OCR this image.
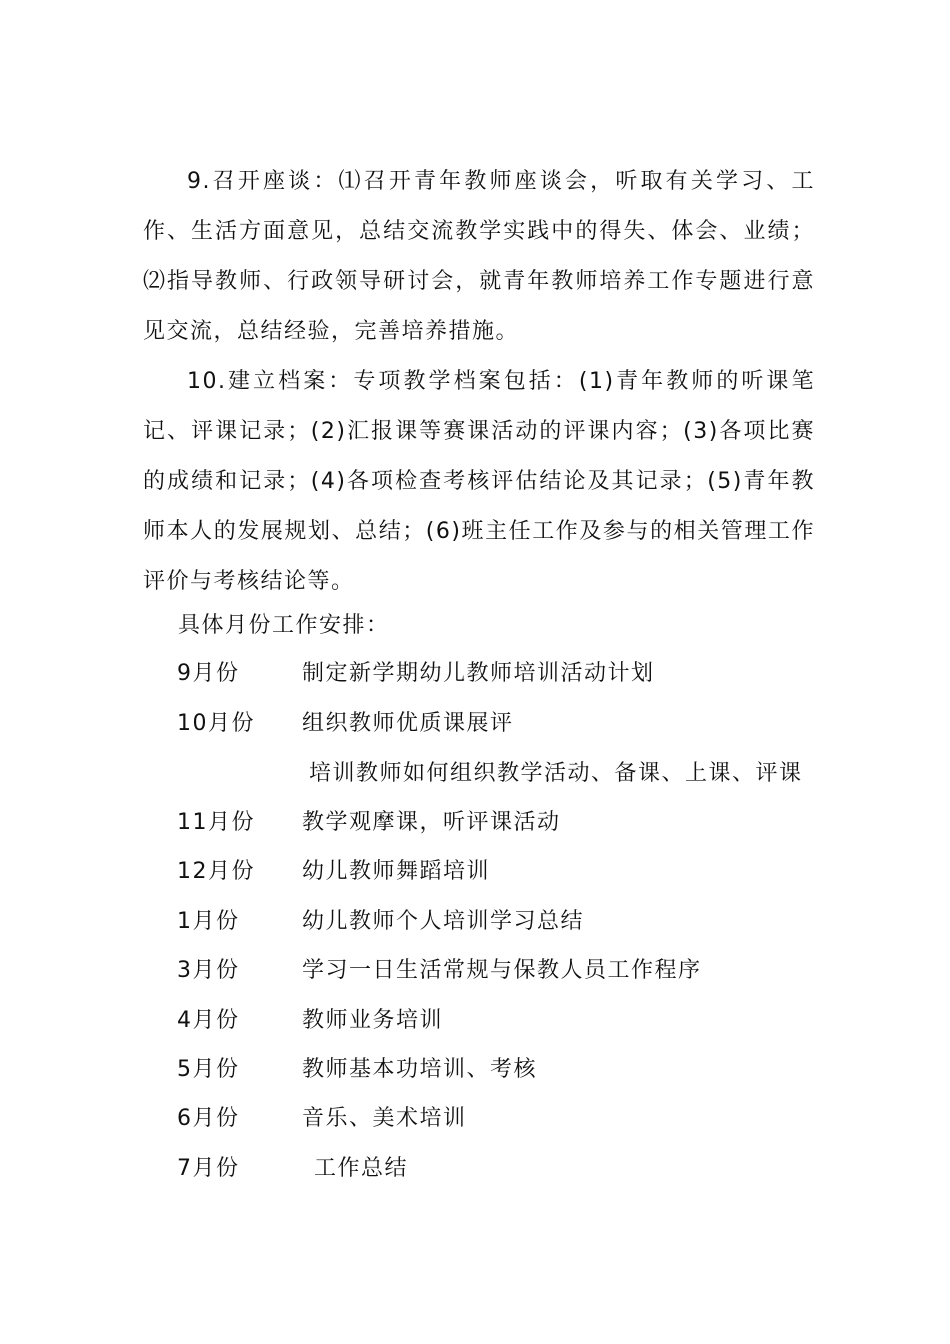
9.召开座谈：⑴召开青年教师座谈会，听取有关学习、工作、生活方面意见，总结交流教学实践中的得失、体会、业绩；⑵指导教师、行政领导研讨会，就青年教师培养工作专题进行意见交流，总结经验，完善培养措施。
10.建立档案：专项教学档案包括：(1)青年教师的听课笔记、评课记录；(2)汇报课等赛课活动的评课内容；(3)各项比赛的成绩和记录；(4)各项检查考核评估结论及其记录；(5)青年教师本人的发展规划、总结；(6)班主任工作及参与的相关管理工作评价与考核结论等。
具体月份工作安排：
9月份	制定新学期幼儿教师培训活动计划
10月份 组织教师优质课展评
培训教师如何组织教学活动、备课、上课、评课
11月份 教学观摩课，听评课活动
12月份 幼儿教师舞蹈培训
1月份	幼儿教师个人培训学习总结
3月份	学习一日生活常规与保教人员工作程序
4月份	教师业务培训
5月份	教师基本功培训、考核
6月份	音乐、美术培训
7月份	工作总结
